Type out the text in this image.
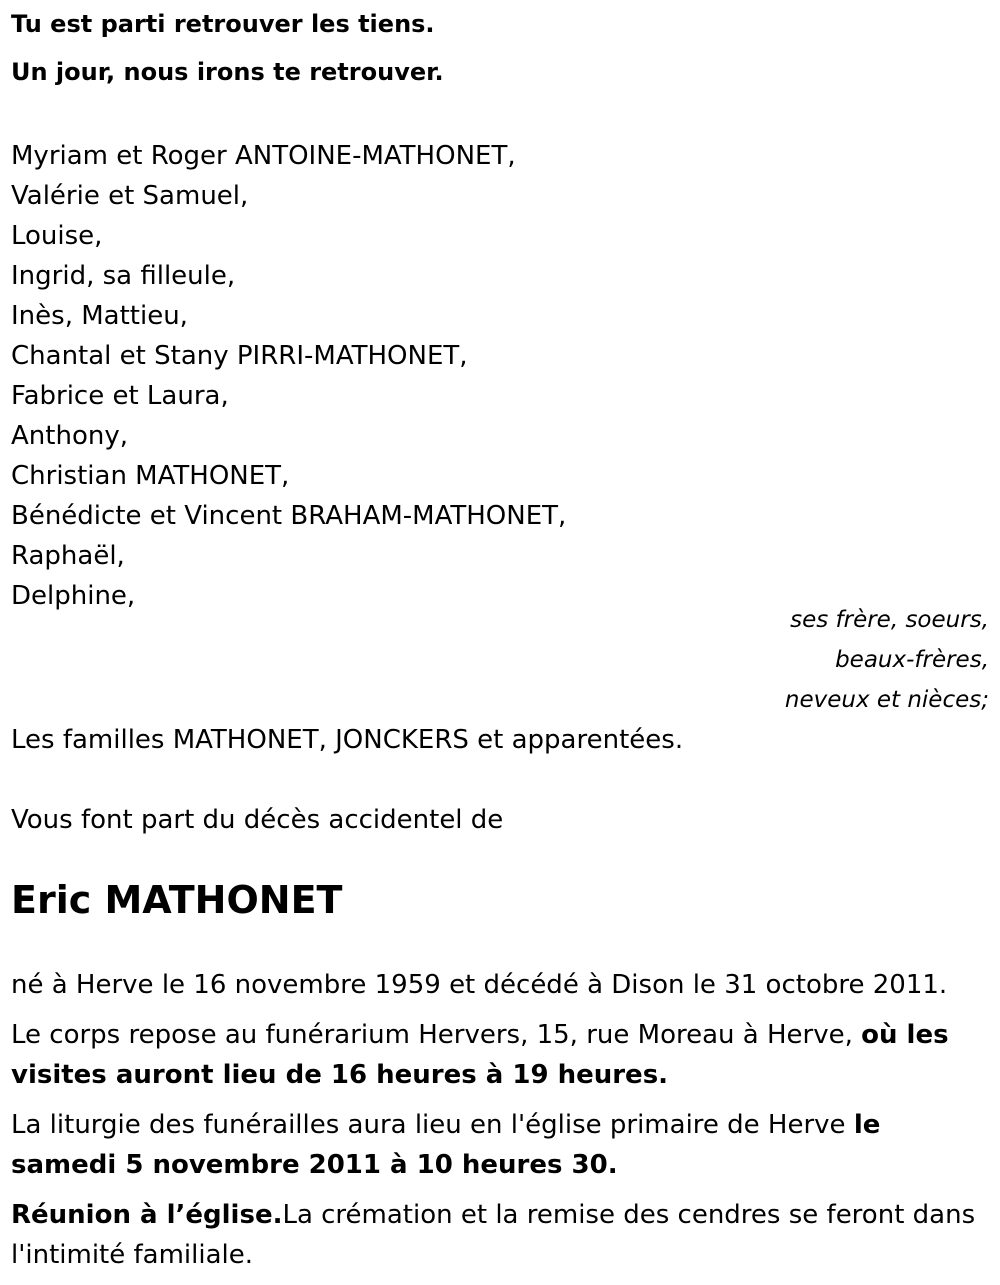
Tu est parti retrouver les tiens.
Un jour, nous irons te retrouver.
Myriam et Roger ANTOINE-MATHONET,
Valérie et Samuel,
Louise,
Ingrid, sa filleule,
Inès, Mattieu,
Chantal et Stany PIRRI-MATHONET,
Fabrice et Laura,
Anthony,
Christian MATHONET,
Bénédicte et Vincent BRAHAM-MATHONET,
Raphaël,
Delphine,
ses frère, soeurs,
beaux-frères,
neveux et nièces;
Les familles MATHONET, JONCKERS et apparentées.
Vous font part du décès accidentel de
Eric MATHONET
né à Herve le 16 novembre 1959 et décédé à Dison le 31 octobre 2011.
Le corps repose au funérarium Hervers, 15, rue Moreau à Herve, où les visites auront lieu de 16 heures à 19 heures.
La liturgie des funérailles aura lieu en l'église primaire de Herve le samedi 5 novembre 2011 à 10 heures 30.
Réunion à l’église.La crémation et la remise des cendres se feront dans l'intimité familiale.
